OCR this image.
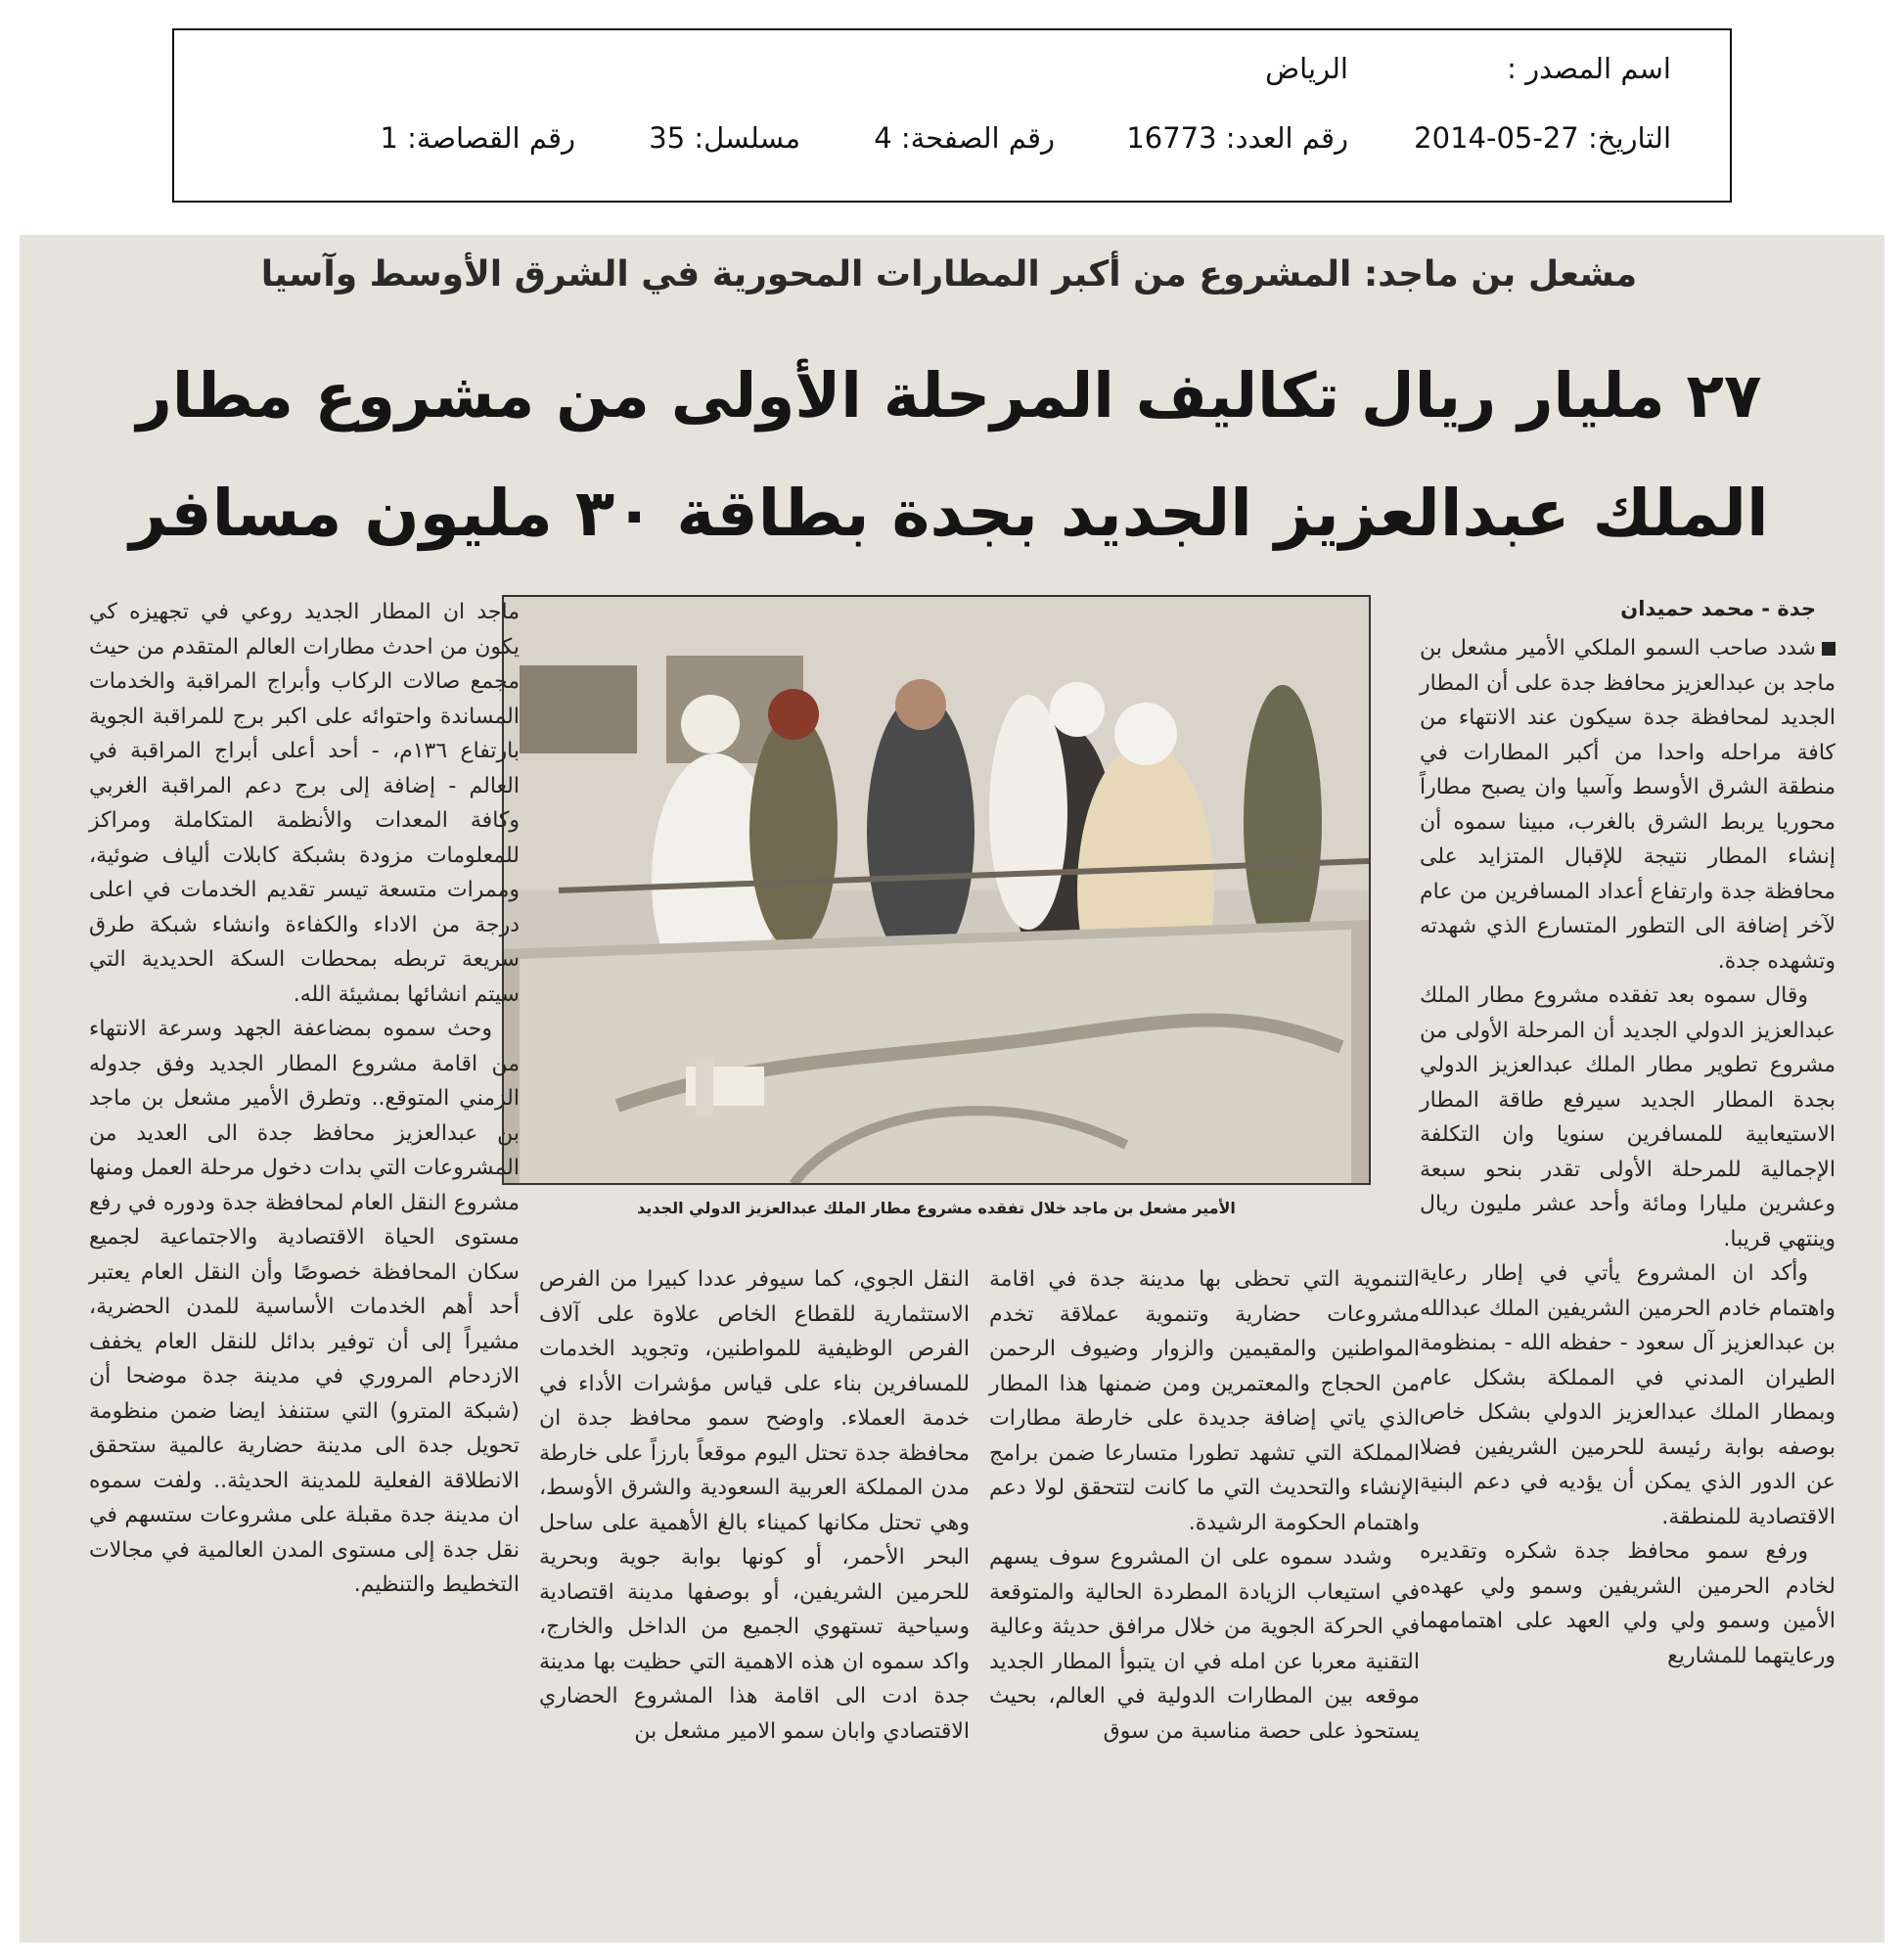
اسم المصدر :
الرياض
التاريخ: 27-05-2014
رقم العدد: 16773
رقم الصفحة: 4
مسلسل: 35
رقم القصاصة: 1
مشعل بن ماجد: المشروع من أكبر المطارات المحورية في الشرق الأوسط وآسيا
٢٧ مليار ريال تكاليف المرحلة الأولى من مشروع مطار
الملك عبدالعزيز الجديد بجدة بطاقة ٣٠ مليون مسافر
جدة - محمد حميدان

شدد صاحب السمو الملكي الأمير مشعل بن ماجد بن عبدالعزيز محافظ جدة على أن المطار الجديد لمحافظة جدة سيكون عند الانتهاء من كافة مراحله واحدا من أكبر المطارات في منطقة الشرق الأوسط وآسيا وان يصبح مطاراً محوريا يربط الشرق بالغرب، مبينا سموه أن إنشاء المطار نتيجة للإقبال المتزايد على محافظة جدة وارتفاع أعداد المسافرين من عام لآخر إضافة الى التطور المتسارع الذي شهدته وتشهده جدة.

وقال سموه بعد تفقده مشروع مطار الملك عبدالعزيز الدولي الجديد أن المرحلة الأولى من مشروع تطوير مطار الملك عبدالعزيز الدولي بجدة المطار الجديد سيرفع طاقة المطار الاستيعابية للمسافرين سنويا وان التكلفة الإجمالية للمرحلة الأولى تقدر بنحو سبعة وعشرين مليارا ومائة وأحد عشر مليون ريال وينتهي قريبا.

وأكد ان المشروع يأتي في إطار رعاية واهتمام خادم الحرمين الشريفين الملك عبدالله بن عبدالعزيز آل سعود - حفظه الله - بمنظومة الطيران المدني في المملكة بشكل عام وبمطار الملك عبدالعزيز الدولي بشكل خاص بوصفه بوابة رئيسة للحرمين الشريفين فضلا عن الدور الذي يمكن أن يؤديه في دعم البنية الاقتصادية للمنطقة.

ورفع سمو محافظ جدة شكره وتقديره لخادم الحرمين الشريفين وسمو ولي عهده الأمين وسمو ولي ولي العهد على اهتمامهما ورعايتهما للمشاريع

الأمير مشعل بن ماجد خلال تفقده مشروع مطار الملك عبدالعزيز الدولي الجديد

التنموية التي تحظى بها مدينة جدة في اقامة مشروعات حضارية وتنموية عملاقة تخدم المواطنين والمقيمين والزوار وضيوف الرحمن من الحجاج والمعتمرين ومن ضمنها هذا المطار الذي ياتي إضافة جديدة على خارطة مطارات المملكة التي تشهد تطورا متسارعا ضمن برامج الإنشاء والتحديث التي ما كانت لتتحقق لولا دعم واهتمام الحكومة الرشيدة.

وشدد سموه على ان المشروع سوف يسهم في استيعاب الزيادة المطردة الحالية والمتوقعة في الحركة الجوية من خلال مرافق حديثة وعالية التقنية معربا عن امله في ان يتبوأ المطار الجديد موقعه بين المطارات الدولية في العالم، بحيث يستحوذ على حصة مناسبة من سوق

النقل الجوي، كما سيوفر عددا كبيرا من الفرص الاستثمارية للقطاع الخاص علاوة على آلاف الفرص الوظيفية للمواطنين، وتجويد الخدمات للمسافرين بناء على قياس مؤشرات الأداء في خدمة العملاء. واوضح سمو محافظ جدة ان محافظة جدة تحتل اليوم موقعاً بارزاً على خارطة مدن المملكة العربية السعودية والشرق الأوسط، وهي تحتل مكانها كميناء بالغ الأهمية على ساحل البحر الأحمر، أو كونها بوابة جوية وبحرية للحرمين الشريفين، أو بوصفها مدينة اقتصادية وسياحية تستهوي الجميع من الداخل والخارج، واكد سموه ان هذه الاهمية التي حظيت بها مدينة جدة ادت الى اقامة هذا المشروع الحضاري الاقتصادي وابان سمو الامير مشعل بن

ماجد ان المطار الجديد روعي في تجهيزه كي يكون من احدث مطارات العالم المتقدم من حيث مجمع صالات الركاب وأبراج المراقبة والخدمات المساندة واحتوائه على اكبر برج للمراقبة الجوية بارتفاع ١٣٦م، - أحد أعلى أبراج المراقبة في العالم - إضافة إلى برج دعم المراقبة الغربي وكافة المعدات والأنظمة المتكاملة ومراكز للمعلومات مزودة بشبكة كابلات ألياف ضوئية، وممرات متسعة تيسر تقديم الخدمات في اعلى درجة من الاداء والكفاءة وانشاء شبكة طرق سريعة تربطه بمحطات السكة الحديدية التي سيتم انشائها بمشيئة الله.

وحث سموه بمضاعفة الجهد وسرعة الانتهاء من اقامة مشروع المطار الجديد وفق جدوله الزمني المتوقع.. وتطرق الأمير مشعل بن ماجد بن عبدالعزيز محافظ جدة الى العديد من المشروعات التي بدات دخول مرحلة العمل ومنها مشروع النقل العام لمحافظة جدة ودوره في رفع مستوى الحياة الاقتصادية والاجتماعية لجميع سكان المحافظة خصوصًا وأن النقل العام يعتبر أحد أهم الخدمات الأساسية للمدن الحضرية، مشيراً إلى أن توفير بدائل للنقل العام يخفف الازدحام المروري في مدينة جدة موضحا أن (شبكة المترو) التي ستنفذ ايضا ضمن منظومة تحويل جدة الى مدينة حضارية عالمية ستحقق الانطلاقة الفعلية للمدينة الحديثة.. ولفت سموه ان مدينة جدة مقبلة على مشروعات ستسهم في نقل جدة إلى مستوى المدن العالمية في مجالات التخطيط والتنظيم.
